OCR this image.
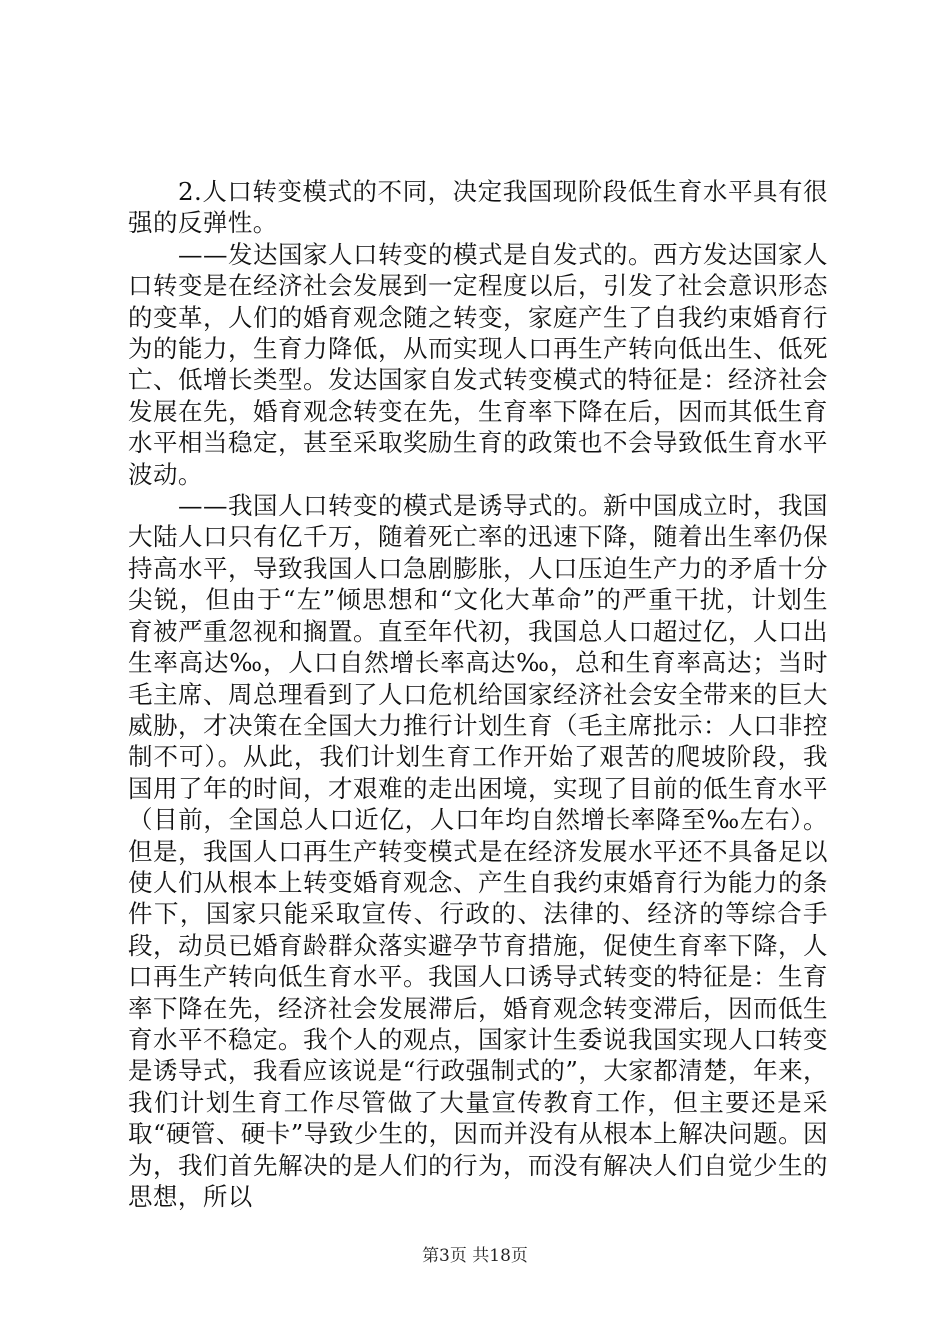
2.人口转变模式的不同，决定我国现阶段低生育水平具有很强的反弹性。

——发达国家人口转变的模式是自发式的。西方发达国家人口转变是在经济社会发展到一定程度以后，引发了社会意识形态的变革，人们的婚育观念随之转变，家庭产生了自我约束婚育行为的能力，生育力降低，从而实现人口再生产转向低出生、低死亡、低增长类型。发达国家自发式转变模式的特征是：经济社会发展在先，婚育观念转变在先，生育率下降在后，因而其低生育水平相当稳定，甚至采取奖励生育的政策也不会导致低生育水平波动。

——我国人口转变的模式是诱导式的。新中国成立时，我国大陆人口只有亿千万，随着死亡率的迅速下降，随着出生率仍保持高水平，导致我国人口急剧膨胀，人口压迫生产力的矛盾十分尖锐，但由于“左”倾思想和“文化大革命”的严重干扰，计划生育被严重忽视和搁置。直至年代初，我国总人口超过亿，人口出生率高达‰，人口自然增长率高达‰，总和生育率高达；当时毛主席、周总理看到了人口危机给国家经济社会安全带来的巨大威胁，才决策在全国大力推行计划生育（毛主席批示：人口非控制不可）。从此，我们计划生育工作开始了艰苦的爬坡阶段，我国用了年的时间，才艰难的走出困境，实现了目前的低生育水平（目前，全国总人口近亿，人口年均自然增长率降至‰左右）。但是，我国人口再生产转变模式是在经济发展水平还不具备足以使人们从根本上转变婚育观念、产生自我约束婚育行为能力的条件下，国家只能采取宣传、行政的、法律的、经济的等综合手段，动员已婚育龄群众落实避孕节育措施，促使生育率下降，人口再生产转向低生育水平。我国人口诱导式转变的特征是：生育率下降在先，经济社会发展滞后，婚育观念转变滞后，因而低生育水平不稳定。我个人的观点，国家计生委说我国实现人口转变是诱导式，我看应该说是“行政强制式的”，大家都清楚，年来，我们计划生育工作尽管做了大量宣传教育工作，但主要还是采取“硬管、硬卡”导致少生的，因而并没有从根本上解决问题。因为，我们首先解决的是人们的行为，而没有解决人们自觉少生的思想，所以

第3页 共18页
